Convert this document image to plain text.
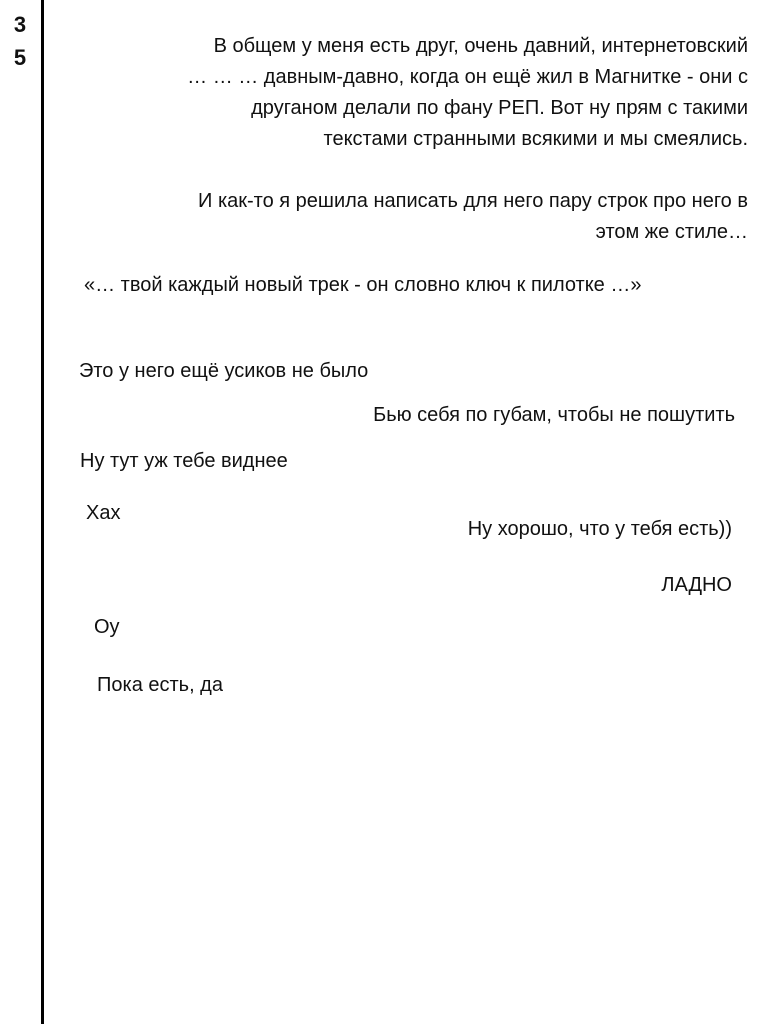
3
5	В общем у меня есть друг, очень давний, интернетовский
… … … давным-давно, когда он ещё жил в Магнитке - они с
друганом делали по фану РЕП. Вот ну прям с такими
текстами странными всякими и мы смеялись.
И как-то я решила написать для него пару строк про него в
этом же стиле…
«… твой каждый новый трек - он словно ключ к пилотке …»
Это у него ещё усиков не было
Бью себя по губам, чтобы не пошутить
Ну тут уж тебе виднее
Хах
Ну хорошо, что у тебя есть))
ЛАДНО
Оу
Пока есть, да
